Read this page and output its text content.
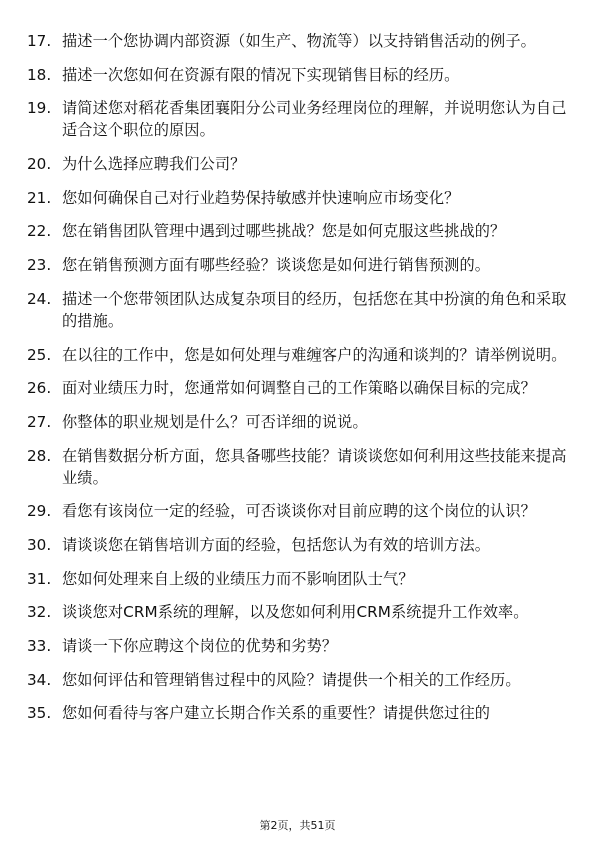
17. 描述一个您协调内部资源（如生产、物流等）以支持销售活动的例子。
18. 描述一次您如何在资源有限的情况下实现销售目标的经历。
19. 请简述您对稻花香集团襄阳分公司业务经理岗位的理解，并说明您认为自己适合这个职位的原因。
20. 为什么选择应聘我们公司？
21. 您如何确保自己对行业趋势保持敏感并快速响应市场变化？
22. 您在销售团队管理中遇到过哪些挑战？您是如何克服这些挑战的？
23. 您在销售预测方面有哪些经验？谈谈您是如何进行销售预测的。
24. 描述一个您带领团队达成复杂项目的经历，包括您在其中扮演的角色和采取的措施。
25. 在以往的工作中，您是如何处理与难缠客户的沟通和谈判的？请举例说明。
26. 面对业绩压力时，您通常如何调整自己的工作策略以确保目标的完成？
27. 你整体的职业规划是什么？可否详细的说说。
28. 在销售数据分析方面，您具备哪些技能？请谈谈您如何利用这些技能来提高业绩。
29. 看您有该岗位一定的经验，可否谈谈你对目前应聘的这个岗位的认识？
30. 请谈谈您在销售培训方面的经验，包括您认为有效的培训方法。
31. 您如何处理来自上级的业绩压力而不影响团队士气？
32. 谈谈您对CRM系统的理解，以及您如何利用CRM系统提升工作效率。
33. 请谈一下你应聘这个岗位的优势和劣势？
34. 您如何评估和管理销售过程中的风险？请提供一个相关的工作经历。
35. 您如何看待与客户建立长期合作关系的重要性？请提供您过往的
第2页，共51页
